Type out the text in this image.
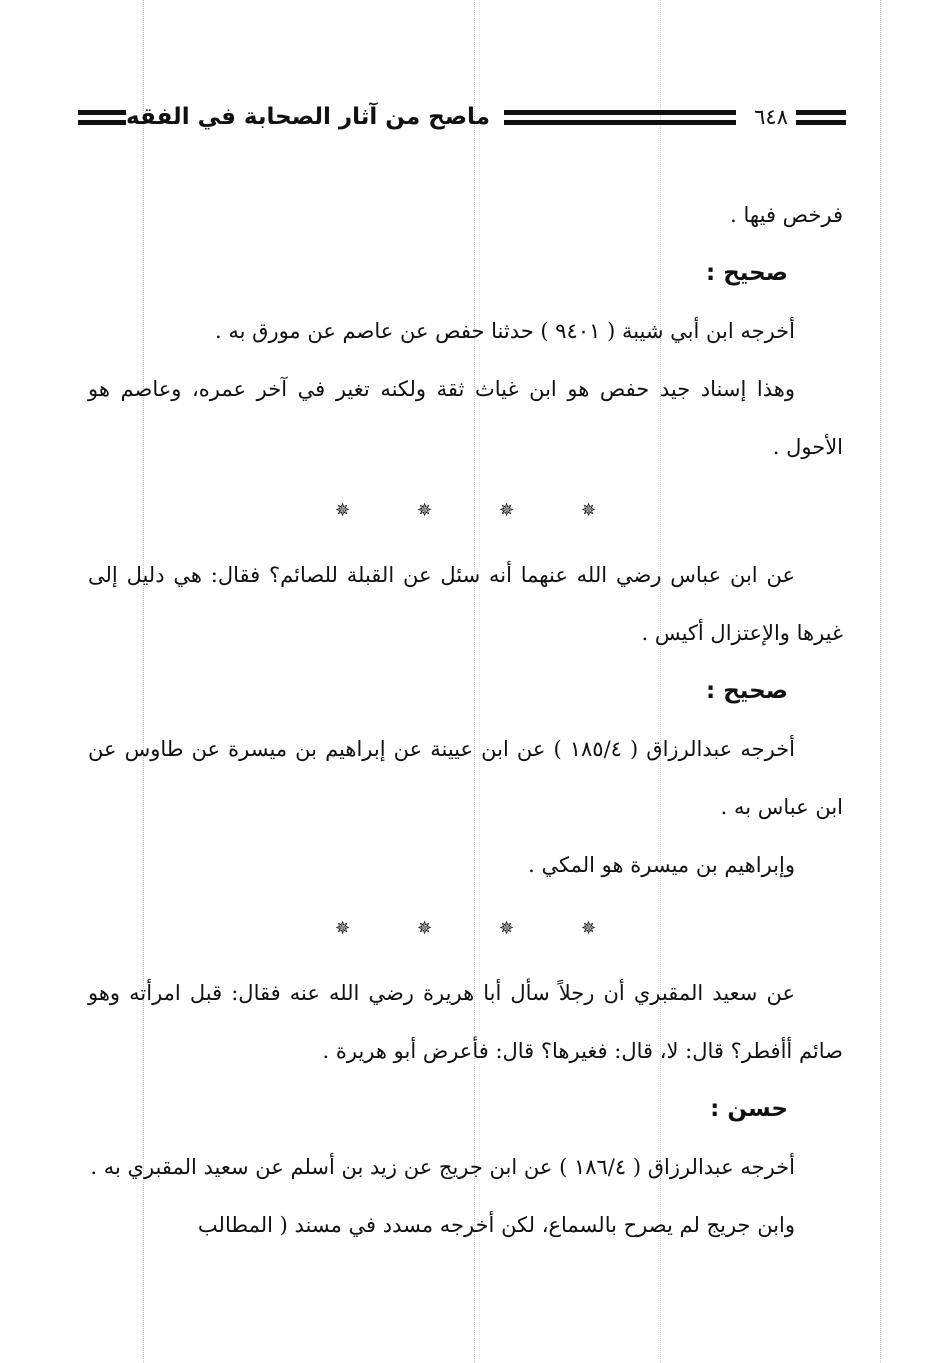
ماصح من آثار الصحابة في الفقه	٦٤٨

فرخص فيها .

صحيح :

أخرجه ابن أبي شيبة ( ٩٤٠١ ) حدثنا حفص عن عاصم عن مورق به .

وهذا إسناد جيد حفص هو ابن غياث ثقة ولكنه تغير في آخر عمره، وعاصم هو الأحول .

✵	✵	✵	✵

عن ابن عباس رضي الله عنهما أنه سئل عن القبلة للصائم؟ فقال: هي دليل إلى غيرها والإعتزال أكيس .

صحيح :

أخرجه عبدالرزاق ( ١٨٥/٤ ) عن ابن عيينة عن إبراهيم بن ميسرة عن طاوس عن ابن عباس به .

وإبراهيم بن ميسرة هو المكي .

✵	✵	✵	✵

عن سعيد المقبري أن رجلاً سأل أبا هريرة رضي الله عنه فقال: قبل امرأته وهو صائم أأفطر؟ قال: لا، قال: فغيرها؟ قال: فأعرض أبو هريرة .

حسن :

أخرجه عبدالرزاق ( ١٨٦/٤ ) عن ابن جريج عن زيد بن أسلم عن سعيد المقبري به .

وابن جريج لم يصرح بالسماع، لكن أخرجه مسدد في مسند ( المطالب
